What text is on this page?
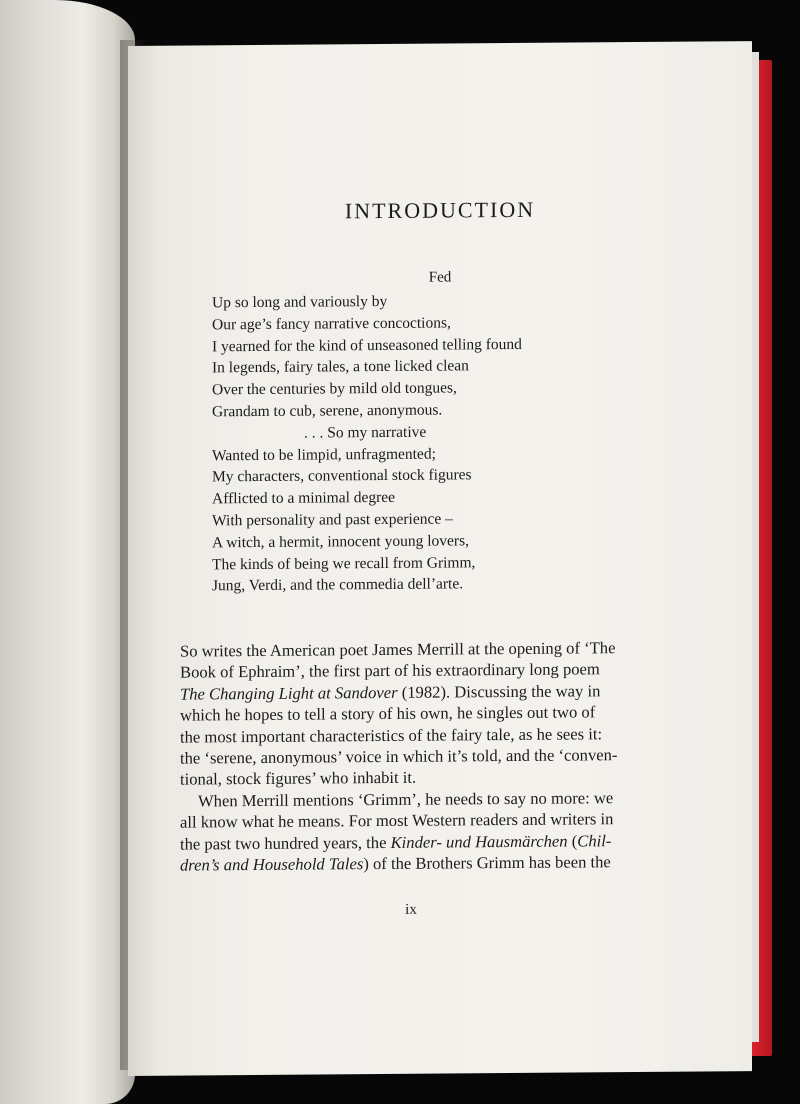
INTRODUCTION
Fed
Up so long and variously by
Our age’s fancy narrative concoctions,
I yearned for the kind of unseasoned telling found
In legends, fairy tales, a tone licked clean
Over the centuries by mild old tongues,
Grandam to cub, serene, anonymous.
. . . So my narrative
Wanted to be limpid, unfragmented;
My characters, conventional stock figures
Afflicted to a minimal degree
With personality and past experience –
A witch, a hermit, innocent young lovers,
The kinds of being we recall from Grimm,
Jung, Verdi, and the commedia dell’arte.
So writes the American poet James Merrill at the opening of ‘The
Book of Ephraim’, the first part of his extraordinary long poem
The Changing Light at Sandover (1982). Discussing the way in
which he hopes to tell a story of his own, he singles out two of
the most important characteristics of the fairy tale, as he sees it:
the ‘serene, anonymous’ voice in which it’s told, and the ‘conven-
tional, stock figures’ who inhabit it.
When Merrill mentions ‘Grimm’, he needs to say no more: we
all know what he means. For most Western readers and writers in
the past two hundred years, the Kinder- und Hausmärchen (Chil-
dren’s and Household Tales) of the Brothers Grimm has been the
ix
